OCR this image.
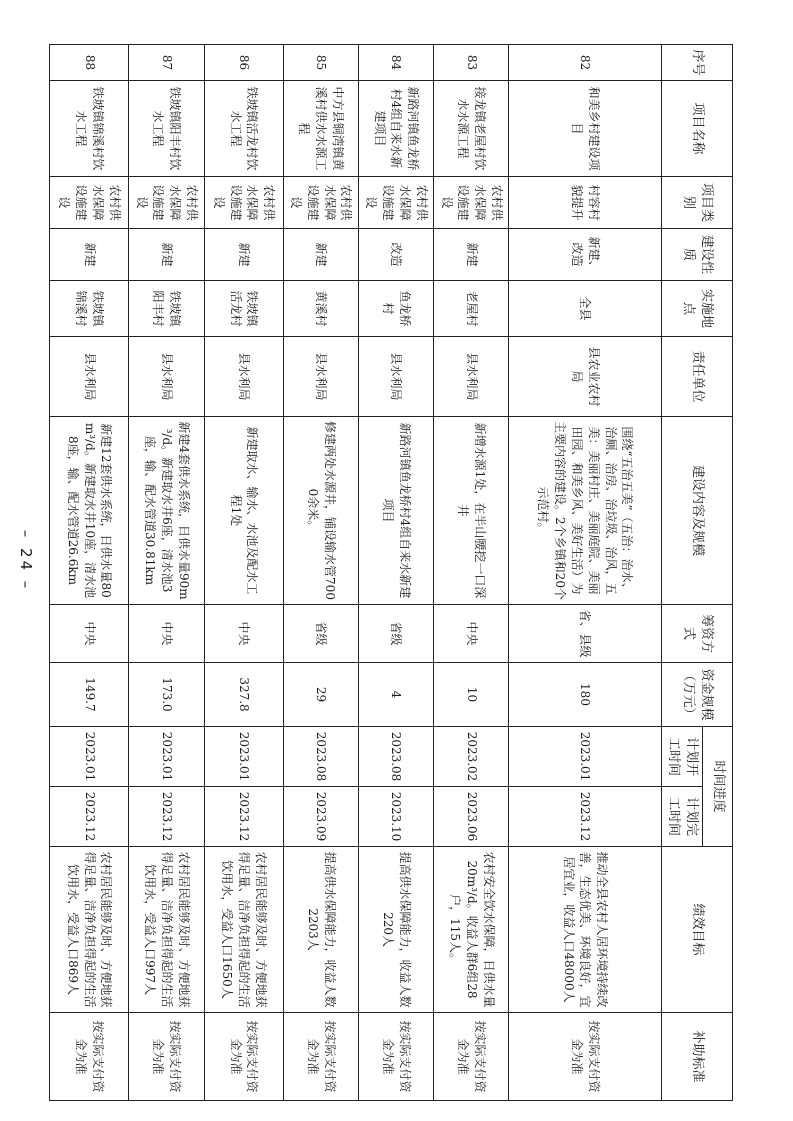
序号	项目名称	项目类别	建设性质	实施地点	责任单位	建设内容及规模	筹资方式	资金规模（万元）	时间进度		绩效目标	补助标准
									计划开工时间	计划完工时间		
82	和美乡村建设项目	村容村貌提升	新建、改造	全县	县农业农村局	围绕“五治五美”（五治：治水、治厕、治房、治垃圾、治风，五美：美丽村庄、美丽庭院、美丽田园、和美乡风、美好生活）为主要内容的建设。2个乡镇和20个示范村。	省、县级	180	2023.01	2023.12	推动全县农村人居环境持续改善，生态优美、环境良好，宜居宜业，收益人口48000人	按实际支付资金为准
83	接龙镇老屋村饮水水源工程	农村供水保障设施建设	新建	老屋村	县水利局	新增水源1处，在半山腰挖一口深井	中央	10	2023.02	2023.06	农村安全饮水保障，日供水量20m³/d。收益人群6组28户，115人。	按实际支付资金为准
84	新路河镇鱼龙桥村4组自来水新建项目	农村供水保障设施建设	改造	鱼龙桥村	县水利局	新路河镇鱼龙桥村4组自来水新建项目	省级	4	2023.08	2023.10	提高供水保障能力，收益人数220人	按实际支付资金为准
85	中方县铜湾镇黄溪村供水水源工程	农村供水保障设施建设	新建	黄溪村	县水利局	修建两处水源井，铺设输水管7000余米。	省级	29	2023.08	2023.09	提高供水保障能力，收益人数2203人	按实际支付资金为准
86	铁坡镇活龙村饮水工程	农村供水保障设施建设	新建	铁坡镇活龙村	县水利局	新建取水、输水、水池及配水工程1处	中央	327.8	2023.01	2023.12	农村居民能够及时、方便地获得足量、洁净负担得起的生活饮用水，受益人口1650人	按实际支付资金为准
87	铁坡镇阳丰村饮水工程	农村供水保障设施建设	新建	铁坡镇阳丰村	县水利局	新建4套供水系统，日供水量90m³/d。新建取水井6座，清水池3座，输、配水管道30.81km	中央	173.0	2023.01	2023.12	农村居民能够及时、方便地获得足量、洁净负担得起的生活饮用水，受益人口997人	按实际支付资金为准
88	铁坡镇锦溪村饮水工程	农村供水保障设施建设	新建	铁坡镇锦溪村	县水利局	新建12套供水系统，日供水量80m³/d。新建取水井10座，清水池8座，输、配水管道26.6km	中央	149.7	2023.01	2023.12	农村居民能够及时、方便地获得足量、洁净负担得起的生活饮用水，受益人口869人	按实际支付资金为准
– 24 –
